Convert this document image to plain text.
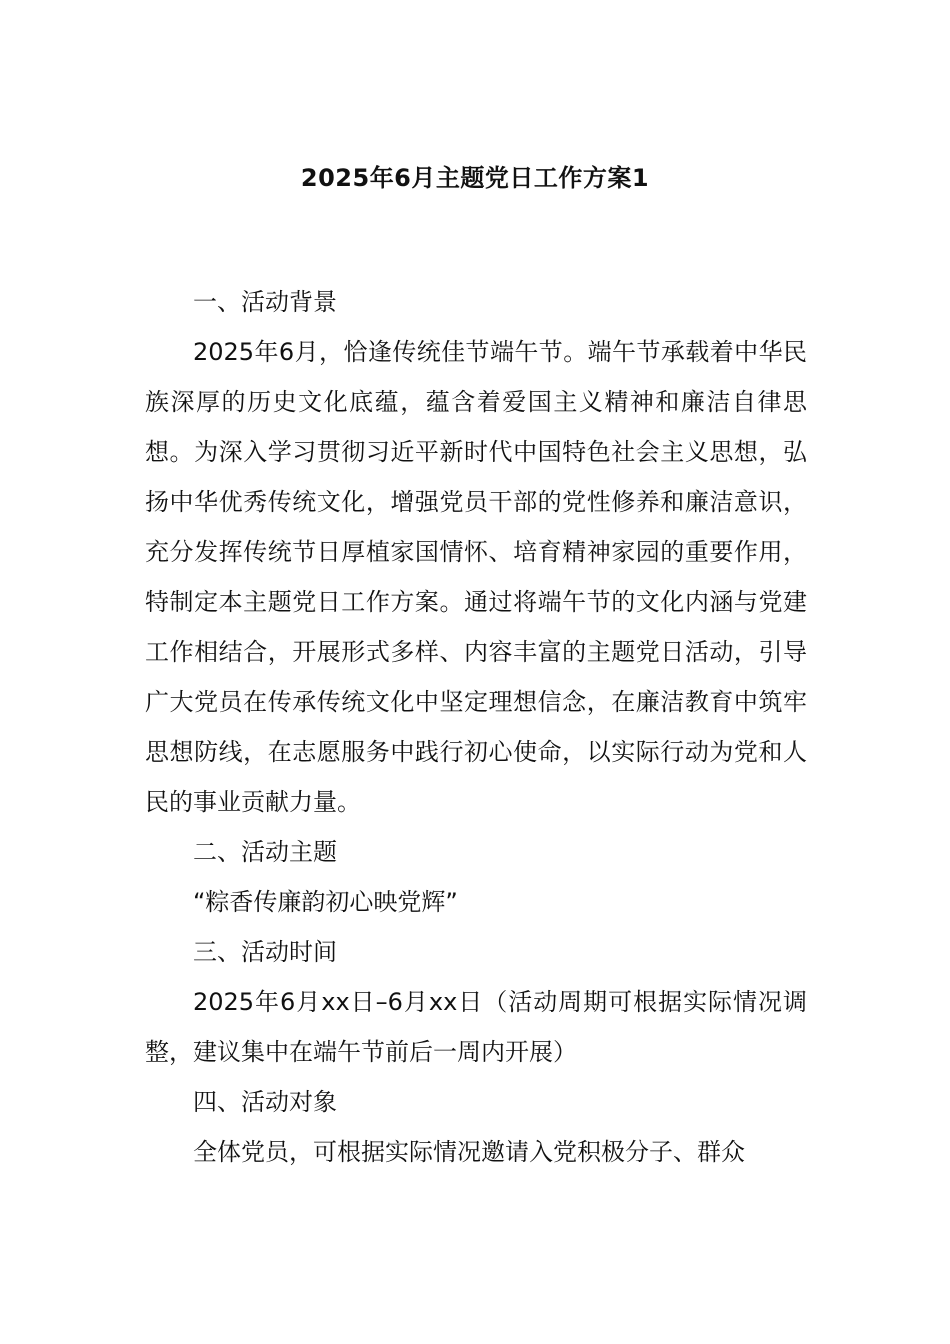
2025年6月主题党日工作方案1

一、活动背景

2025年6月，恰逢传统佳节端午节。端午节承载着中华民族深厚的历史文化底蕴，蕴含着爱国主义精神和廉洁自律思想。为深入学习贯彻习近平新时代中国特色社会主义思想，弘扬中华优秀传统文化，增强党员干部的党性修养和廉洁意识，充分发挥传统节日厚植家国情怀、培育精神家园的重要作用，特制定本主题党日工作方案。通过将端午节的文化内涵与党建工作相结合，开展形式多样、内容丰富的主题党日活动，引导广大党员在传承传统文化中坚定理想信念，在廉洁教育中筑牢思想防线，在志愿服务中践行初心使命，以实际行动为党和人民的事业贡献力量。

二、活动主题

“粽香传廉韵初心映党辉”

三、活动时间

2025年6月xx日–6月xx日（活动周期可根据实际情况调整，建议集中在端午节前后一周内开展）

四、活动对象

全体党员，可根据实际情况邀请入党积极分子、群众
